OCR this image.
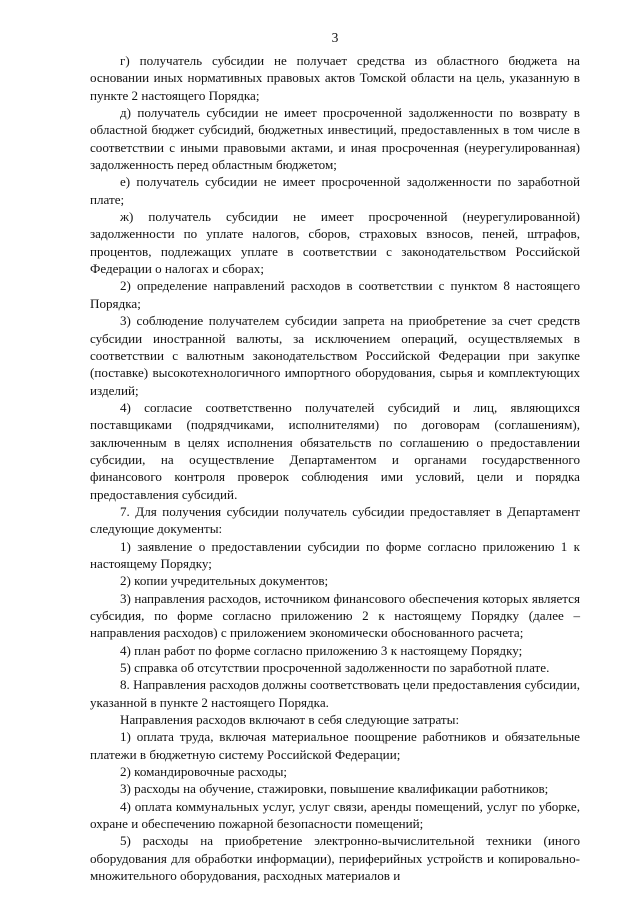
3

г) получатель субсидии не получает средства из областного бюджета на основании иных нормативных правовых актов Томской области на цель, указанную в пункте 2 настоящего Порядка;

д) получатель субсидии не имеет просроченной задолженности по возврату в областной бюджет субсидий, бюджетных инвестиций, предоставленных в том числе в соответствии с иными правовыми актами, и иная просроченная (неурегулированная) задолженность перед областным бюджетом;

е) получатель субсидии не имеет просроченной задолженности по заработной плате;

ж) получатель субсидии не имеет просроченной (неурегулированной) задолженности по уплате налогов, сборов, страховых взносов, пеней, штрафов, процентов, подлежащих уплате в соответствии с законодательством Российской Федерации о налогах и сборах;

2) определение направлений расходов в соответствии с пунктом 8 настоящего Порядка;

3) соблюдение получателем субсидии запрета на приобретение за счет средств субсидии иностранной валюты, за исключением операций, осуществляемых в соответствии с валютным законодательством Российской Федерации при закупке (поставке) высокотехнологичного импортного оборудования, сырья и комплектующих изделий;

4) согласие соответственно получателей субсидий и лиц, являющихся поставщиками (подрядчиками, исполнителями) по договорам (соглашениям), заключенным в целях исполнения обязательств по соглашению о предоставлении субсидии, на осуществление Департаментом и органами государственного финансового контроля проверок соблюдения ими условий, цели и порядка предоставления субсидий.

7. Для получения субсидии получатель субсидии предоставляет в Департамент следующие документы:

1) заявление о предоставлении субсидии по форме согласно приложению 1 к настоящему Порядку;

2) копии учредительных документов;

3) направления расходов, источником финансового обеспечения которых является субсидия, по форме согласно приложению 2 к настоящему Порядку (далее – направления расходов) с приложением экономически обоснованного расчета;

4) план работ по форме согласно приложению 3 к настоящему Порядку;

5) справка об отсутствии просроченной задолженности по заработной плате.

8. Направления расходов должны соответствовать цели предоставления субсидии, указанной в пункте 2 настоящего Порядка.

Направления расходов включают в себя следующие затраты:

1) оплата труда, включая материальное поощрение работников и обязательные платежи в бюджетную систему Российской Федерации;

2) командировочные расходы;

3) расходы на обучение, стажировки, повышение квалификации работников;

4) оплата коммунальных услуг, услуг связи, аренды помещений, услуг по уборке, охране и обеспечению пожарной безопасности помещений;

5) расходы на приобретение электронно-вычислительной техники (иного оборудования для обработки информации), периферийных устройств и копировально-множительного оборудования, расходных материалов и
